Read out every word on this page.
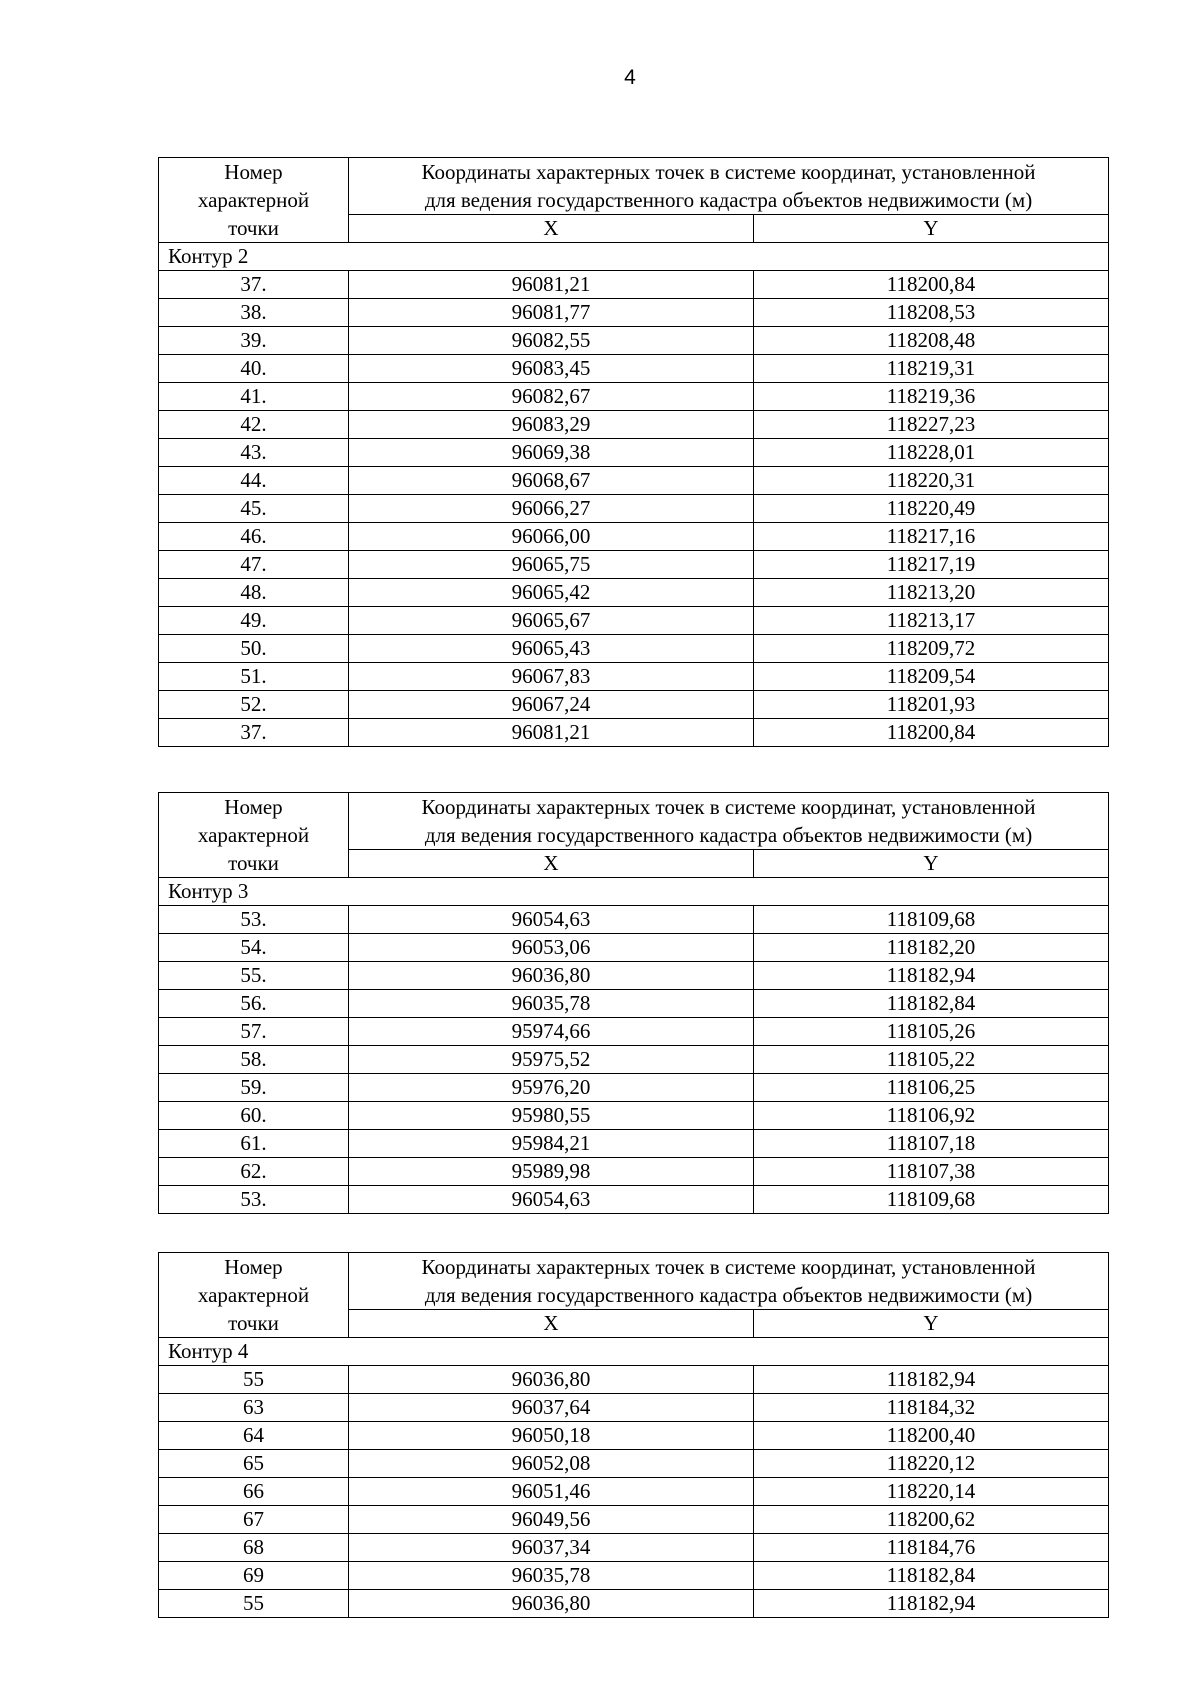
4
Номер
характерной
точки	Координаты характерных точек в системе координат, установленной
для ведения государственного кадастра объектов недвижимости (м)	
	X	Y
Контур 2		
37.	96081,21	118200,84
38.	96081,77	118208,53
39.	96082,55	118208,48
40.	96083,45	118219,31
41.	96082,67	118219,36
42.	96083,29	118227,23
43.	96069,38	118228,01
44.	96068,67	118220,31
45.	96066,27	118220,49
46.	96066,00	118217,16
47.	96065,75	118217,19
48.	96065,42	118213,20
49.	96065,67	118213,17
50.	96065,43	118209,72
51.	96067,83	118209,54
52.	96067,24	118201,93
37.	96081,21	118200,84
Номер
характерной
точки	Координаты характерных точек в системе координат, установленной
для ведения государственного кадастра объектов недвижимости (м)	
	X	Y
Контур 3		
53.	96054,63	118109,68
54.	96053,06	118182,20
55.	96036,80	118182,94
56.	96035,78	118182,84
57.	95974,66	118105,26
58.	95975,52	118105,22
59.	95976,20	118106,25
60.	95980,55	118106,92
61.	95984,21	118107,18
62.	95989,98	118107,38
53.	96054,63	118109,68
Номер
характерной
точки	Координаты характерных точек в системе координат, установленной
для ведения государственного кадастра объектов недвижимости (м)	
	X	Y
Контур 4		
55	96036,80	118182,94
63	96037,64	118184,32
64	96050,18	118200,40
65	96052,08	118220,12
66	96051,46	118220,14
67	96049,56	118200,62
68	96037,34	118184,76
69	96035,78	118182,84
55	96036,80	118182,94
